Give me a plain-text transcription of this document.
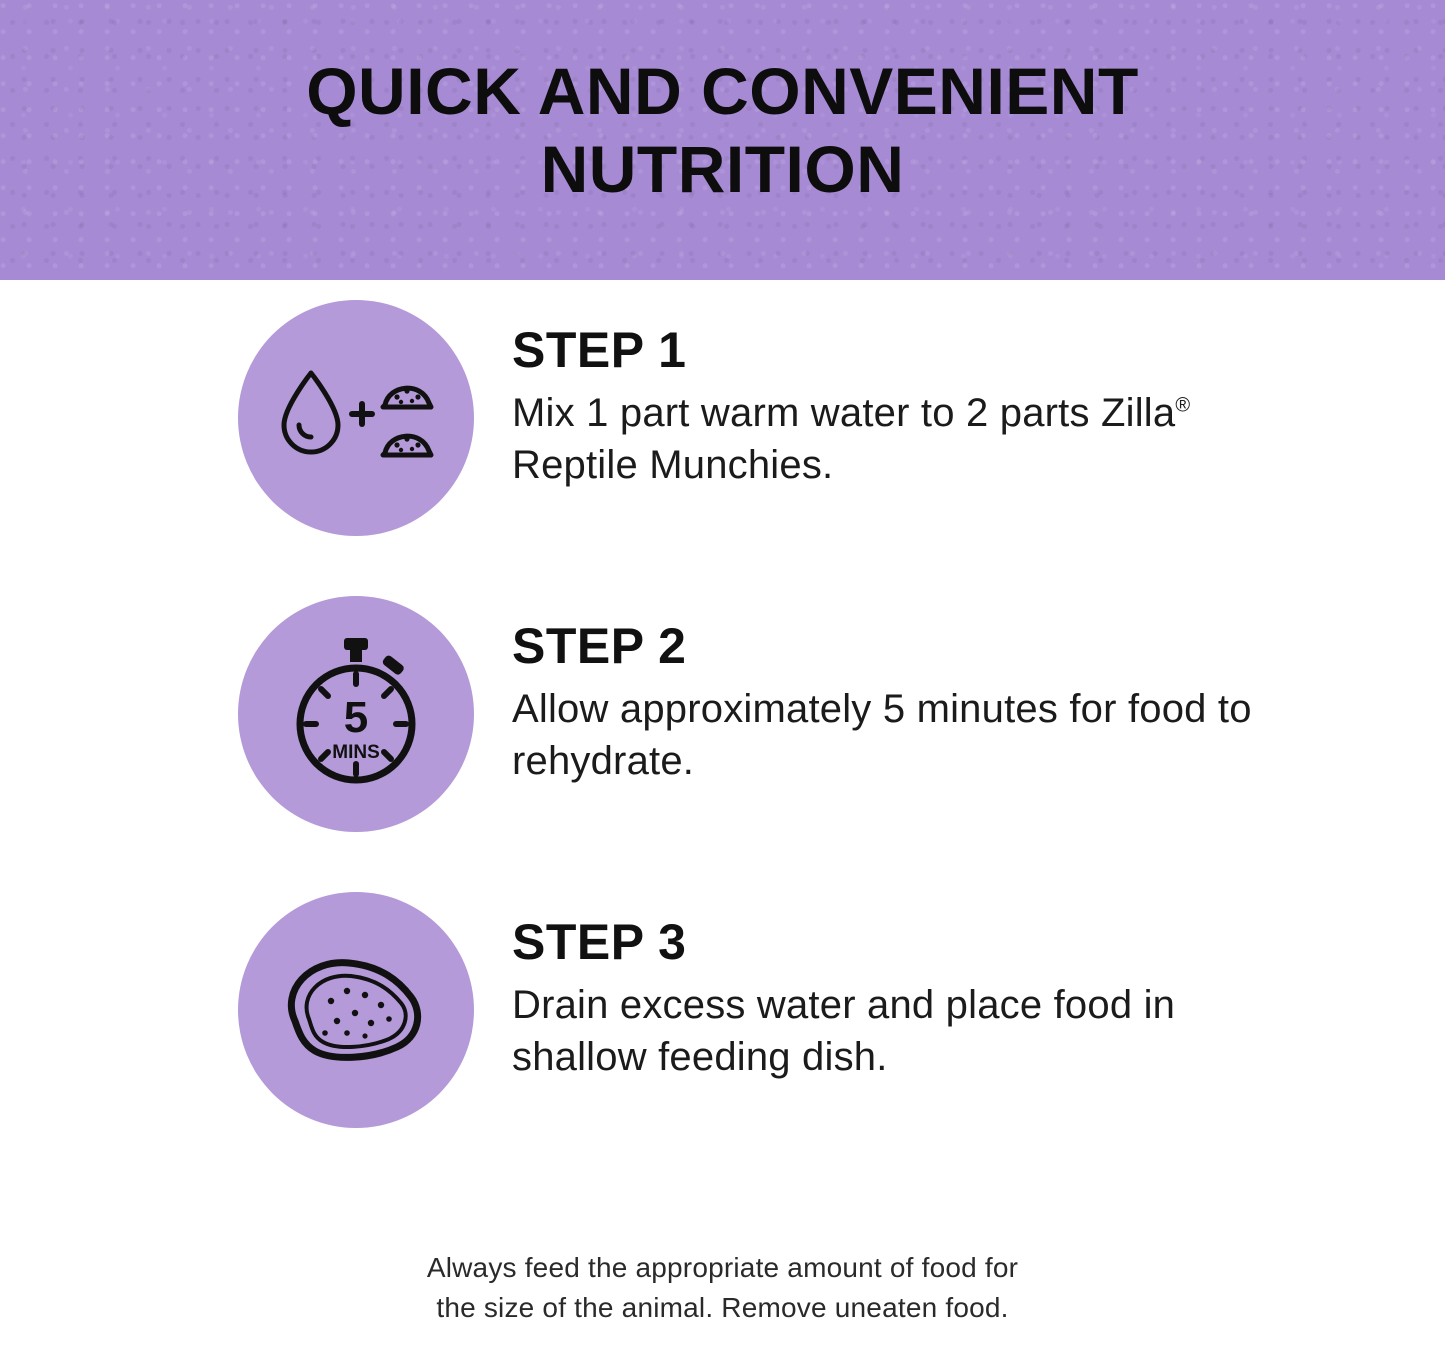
QUICK AND CONVENIENT NUTRITION
STEP 1

Mix 1 part warm water to 2 parts Zilla® Reptile Munchies.

5
MINS
STEP 2

Allow approximately 5 minutes for food to rehydrate.

STEP 3

Drain excess water and place food in shallow feeding dish.

Always feed the appropriate amount of food for
the size of the animal. Remove uneaten food.
